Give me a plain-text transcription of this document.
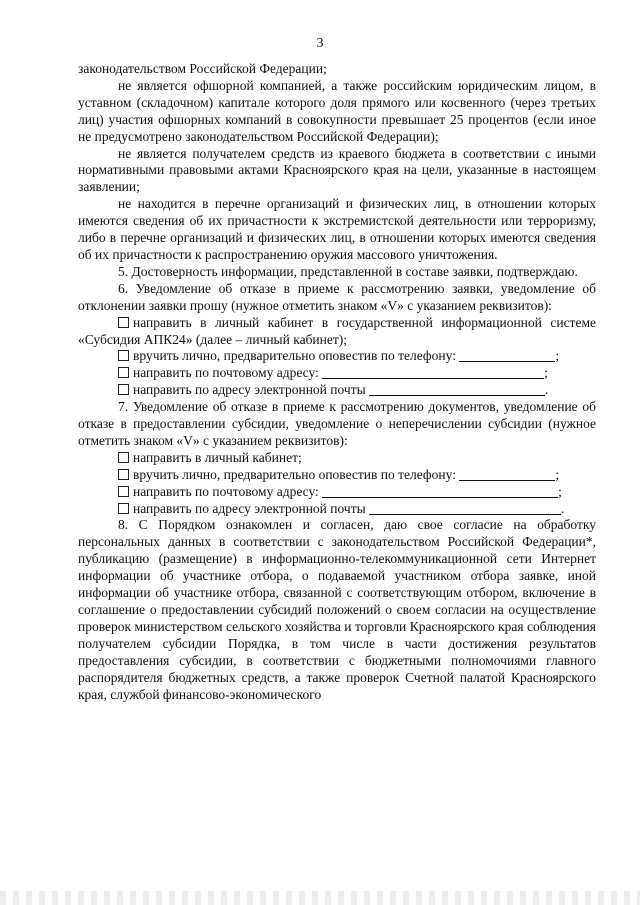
3

законодательством Российской Федерации;

не является офшорной компанией, а также российским юридическим лицом, в уставном (складочном) капитале которого доля прямого или косвенного (через третьих лиц) участия офшорных компаний в совокупности превышает 25 процентов (если иное не предусмотрено законодательством Российской Федерации);

не является получателем средств из краевого бюджета в соответствии с иными нормативными правовыми актами Красноярского края на цели, указанные в настоящем заявлении;

не находится в перечне организаций и физических лиц, в отношении которых имеются сведения об их причастности к экстремистской деятельности или терроризму, либо в перечне организаций и физических лиц, в отношении которых имеются сведения об их причастности к распространению оружия массового уничтожения.

5. Достоверность информации, представленной в составе заявки, подтверждаю.

6. Уведомление об отказе в приеме к рассмотрению заявки, уведомление об отклонении заявки прошу (нужное отметить знаком «V» с указанием реквизитов):

направить в личный кабинет в государственной информационной системе «Субсидия АПК24» (далее – личный кабинет);

вручить лично, предварительно оповестив по телефону:	;

направить по почтовому адресу:	;

направить по адресу электронной почты	.

7. Уведомление об отказе в приеме к рассмотрению документов, уведомление об отказе в предоставлении субсидии, уведомление о неперечислении субсидии (нужное отметить знаком «V» с указанием реквизитов):

направить в личный кабинет;

вручить лично, предварительно оповестив по телефону:	;

направить по почтовому адресу:	;

направить по адресу электронной почты	.

8. С Порядком ознакомлен и согласен, даю свое согласие на обработку персональных данных в соответствии с законодательством Российской Федерации*, публикацию (размещение) в информационно-телекоммуникационной сети Интернет информации об участнике отбора, о подаваемой участником отбора заявке, иной информации об участнике отбора, связанной с соответствующим отбором, включение в соглашение о предоставлении субсидий положений о своем согласии на осуществление проверок министерством сельского хозяйства и торговли Красноярского края соблюдения получателем субсидии Порядка, в том числе в части достижения результатов предоставления субсидии, в соответствии с бюджетными полномочиями главного распорядителя бюджетных средств, а также проверок Счетной палатой Красноярского края, службой финансово-экономического
